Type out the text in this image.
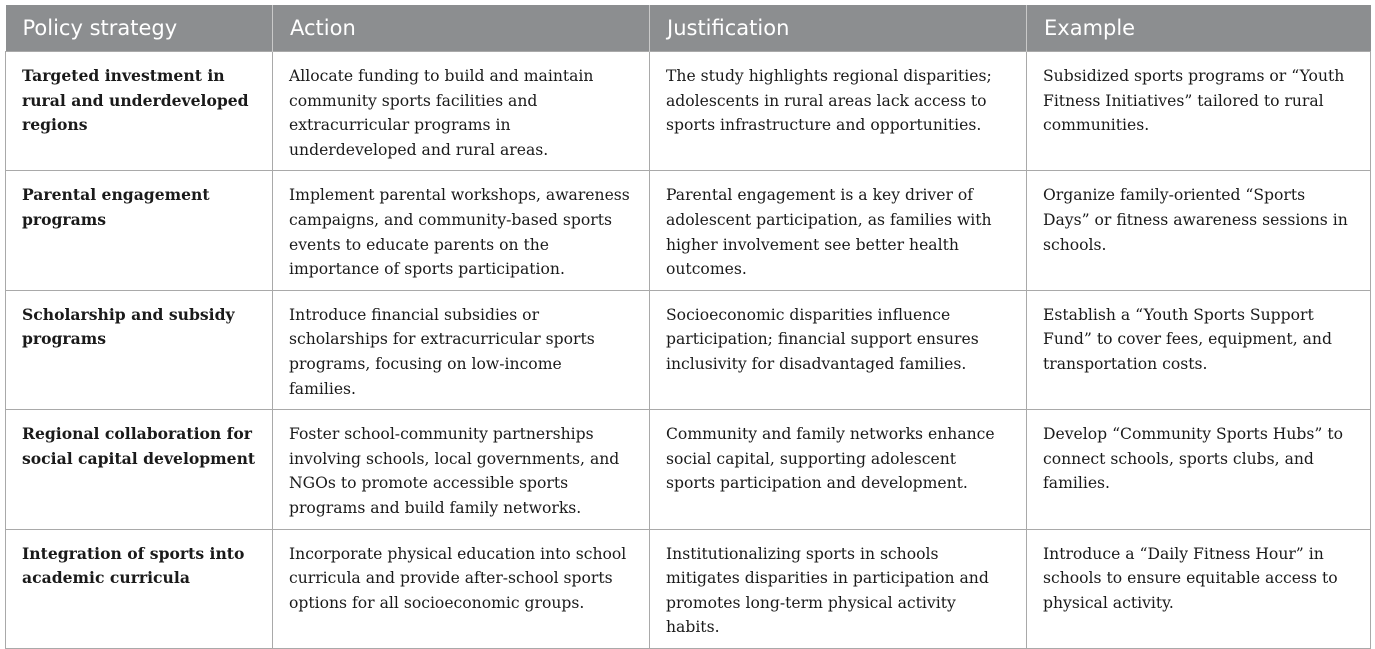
Policy strategy	Action	Justification	Example
Targeted investment in rural and underdeveloped regions	Allocate funding to build and maintain community sports facilities and extracurricular programs in underdeveloped and rural areas.	The study highlights regional disparities; adolescents in rural areas lack access to sports infrastructure and opportunities.	Subsidized sports programs or “Youth Fitness Initiatives” tailored to rural communities.
Parental engagement programs	Implement parental workshops, awareness campaigns, and community-based sports events to educate parents on the importance of sports participation.	Parental engagement is a key driver of adolescent participation, as families with higher involvement see better health outcomes.	Organize family-oriented “Sports Days” or fitness awareness sessions in schools.
Scholarship and subsidy programs	Introduce financial subsidies or scholarships for extracurricular sports programs, focusing on low-income families.	Socioeconomic disparities influence participation; financial support ensures inclusivity for disadvantaged families.	Establish a “Youth Sports Support Fund” to cover fees, equipment, and transportation costs.
Regional collaboration for social capital development	Foster school-community partnerships involving schools, local governments, and NGOs to promote accessible sports programs and build family networks.	Community and family networks enhance social capital, supporting adolescent sports participation and development.	Develop “Community Sports Hubs” to connect schools, sports clubs, and families.
Integration of sports into academic curricula	Incorporate physical education into school curricula and provide after-school sports options for all socioeconomic groups.	Institutionalizing sports in schools mitigates disparities in participation and promotes long-term physical activity habits.	Introduce a “Daily Fitness Hour” in schools to ensure equitable access to physical activity.
